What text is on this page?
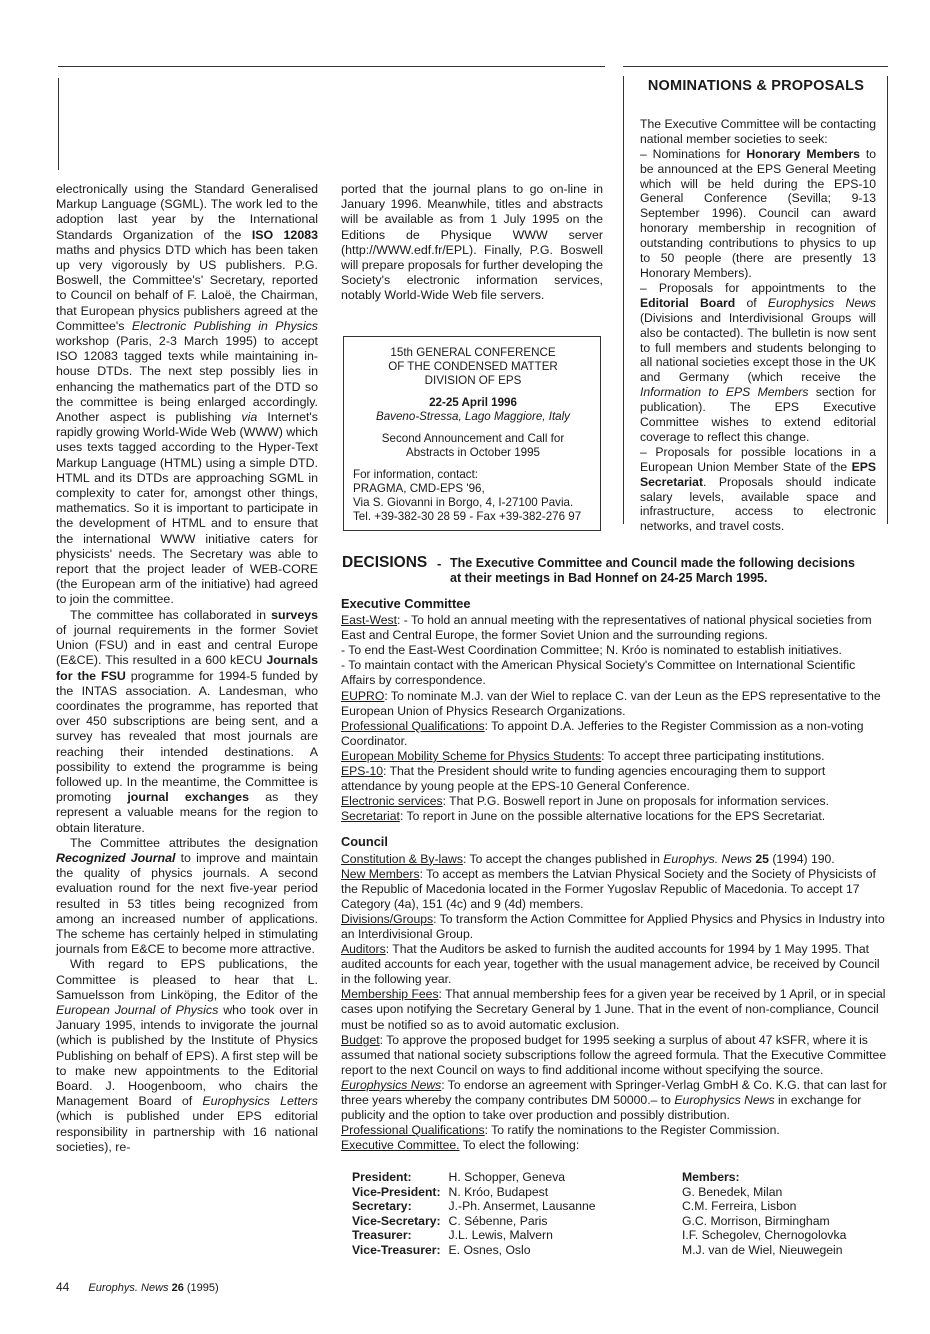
electronically using the Standard Generalised Markup Language (SGML). The work led to the adoption last year by the International Standards Organization of the ISO 12083 maths and physics DTD which has been taken up very vigorously by US publishers. P.G. Boswell, the Committee's' Secretary, reported to Council on behalf of F. Laloë, the Chairman, that European physics publishers agreed at the Committee's Electronic Publishing in Physics workshop (Paris, 2-3 March 1995) to accept ISO 12083 tagged texts while maintaining in-house DTDs. The next step possibly lies in enhancing the mathematics part of the DTD so the committee is being enlarged accordingly. Another aspect is publishing via Internet's rapidly growing World-Wide Web (WWW) which uses texts tagged according to the Hyper-Text Markup Language (HTML) using a simple DTD. HTML and its DTDs are approaching SGML in complexity to cater for, amongst other things, mathematics. So it is important to participate in the development of HTML and to ensure that the international WWW initiative caters for physicists' needs. The Secretary was able to report that the project leader of WEB-CORE (the European arm of the initiative) had agreed to join the committee.

The committee has collaborated in surveys of journal requirements in the former Soviet Union (FSU) and in east and central Europe (E&CE). This resulted in a 600 kECU Journals for the FSU programme for 1994-5 funded by the INTAS association. A. Landesman, who coordinates the programme, has reported that over 450 subscriptions are being sent, and a survey has revealed that most journals are reaching their intended destinations. A possibility to extend the programme is being followed up. In the meantime, the Committee is promoting journal exchanges as they represent a valuable means for the region to obtain literature.

The Committee attributes the designation Recognized Journal to improve and maintain the quality of physics journals. A second evaluation round for the next five-year period resulted in 53 titles being recognized from among an increased number of applications. The scheme has certainly helped in stimulating journals from E&CE to become more attractive.

With regard to EPS publications, the Committee is pleased to hear that L. Samuelsson from Linköping, the Editor of the European Journal of Physics who took over in January 1995, intends to invigorate the journal (which is published by the Institute of Physics Publishing on behalf of EPS). A first step will be to make new appointments to the Editorial Board. J. Hoogenboom, who chairs the Management Board of Europhysics Letters (which is published under EPS editorial responsibility in partnership with 16 national societies), re-

ported that the journal plans to go on-line in January 1996. Meanwhile, titles and abstracts will be available as from 1 July 1995 on the Editions de Physique WWW server (http://WWW.edf.fr/EPL). Finally, P.G. Boswell will prepare proposals for further developing the Society's electronic information services, notably World-Wide Web file servers.

15th GENERAL CONFERENCE
OF THE CONDENSED MATTER
DIVISION OF EPS
22-25 April 1996
Baveno-Stressa, Lago Maggiore, Italy
Second Announcement and Call for
Abstracts in October 1995
For information, contact:
PRAGMA, CMD-EPS '96,
Via S. Giovanni in Borgo, 4, I-27100 Pavia.
Tel. +39-382-30 28 59 - Fax +39-382-276 97
NOMINATIONS & PROPOSALS

The Executive Committee will be contacting national member societies to seek:
– Nominations for Honorary Members to be announced at the EPS General Meeting which will be held during the EPS-10 General Conference (Sevilla; 9-13 September 1996). Council can award honorary membership in recognition of outstanding contributions to physics to up to 50 people (there are presently 13 Honorary Members).
– Proposals for appointments to the Editorial Board of Europhysics News (Divisions and Interdivisional Groups will also be contacted). The bulletin is now sent to full members and students belonging to all national societies except those in the UK and Germany (which receive the Information to EPS Members section for publication). The EPS Executive Committee wishes to extend editorial coverage to reflect this change.
– Proposals for possible locations in a European Union Member State of the EPS Secretariat. Proposals should indicate salary levels, available space and infrastructure, access to electronic networks, and travel costs.

DECISIONS - The Executive Committee and Council made the following decisions
at their meetings in Bad Honnef on 24-25 March 1995.
Executive Committee

East-West: - To hold an annual meeting with the representatives of national physical societies from East and Central Europe, the former Soviet Union and the surrounding regions.

- To end the East-West Coordination Committee; N. Króo is nominated to establish initiatives.

- To maintain contact with the American Physical Society's Committee on International Scientific Affairs by correspondence.

EUPRO: To nominate M.J. van der Wiel to replace C. van der Leun as the EPS representative to the European Union of Physics Research Organizations.

Professional Qualifications: To appoint D.A. Jefferies to the Register Commission as a non-voting Coordinator.

European Mobility Scheme for Physics Students: To accept three participating institutions.

EPS-10: That the President should write to funding agencies encouraging them to support attendance by young people at the EPS-10 General Conference.

Electronic services: That P.G. Boswell report in June on proposals for information services.

Secretariat: To report in June on the possible alternative locations for the EPS Secretariat.

Council

Constitution & By-laws: To accept the changes published in Europhys. News 25 (1994) 190.

New Members: To accept as members the Latvian Physical Society and the Society of Physicists of the Republic of Macedonia located in the Former Yugoslav Republic of Macedonia. To accept 17 Category (4a), 151 (4c) and 9 (4d) members.

Divisions/Groups: To transform the Action Committee for Applied Physics and Physics in Industry into an Interdivisional Group.

Auditors: That the Auditors be asked to furnish the audited accounts for 1994 by 1 May 1995. That audited accounts for each year, together with the usual management advice, be received by Council in the following year.

Membership Fees: That annual membership fees for a given year be received by 1 April, or in special cases upon notifying the Secretary General by 1 June. That in the event of non-compliance, Council must be notified so as to avoid automatic exclusion.

Budget: To approve the proposed budget for 1995 seeking a surplus of about 47 kSFR, where it is assumed that national society subscriptions follow the agreed formula. That the Executive Committee report to the next Council on ways to find additional income without specifying the source.

Europhysics News: To endorse an agreement with Springer-Verlag GmbH & Co. K.G. that can last for three years whereby the company contributes DM 50000.– to Europhysics News in exchange for publicity and the option to take over production and possibly distribution.

Professional Qualifications: To ratify the nominations to the Register Commission.

Executive Committee. To elect the following:

President:	H. Schopper, Geneva
Vice-President:	N. Króo, Budapest
Secretary:	J.-Ph. Ansermet, Lausanne
Vice-Secretary:	C. Sébenne, Paris
Treasurer:	J.L. Lewis, Malvern
Vice-Treasurer:	E. Osnes, Oslo
Members:
G. Benedek, Milan
C.M. Ferreira, Lisbon
G.C. Morrison, Birmingham
I.F. Schegolev, Chernogolovka
M.J. van de Wiel, Nieuwegein
44 Europhys. News 26 (1995)
